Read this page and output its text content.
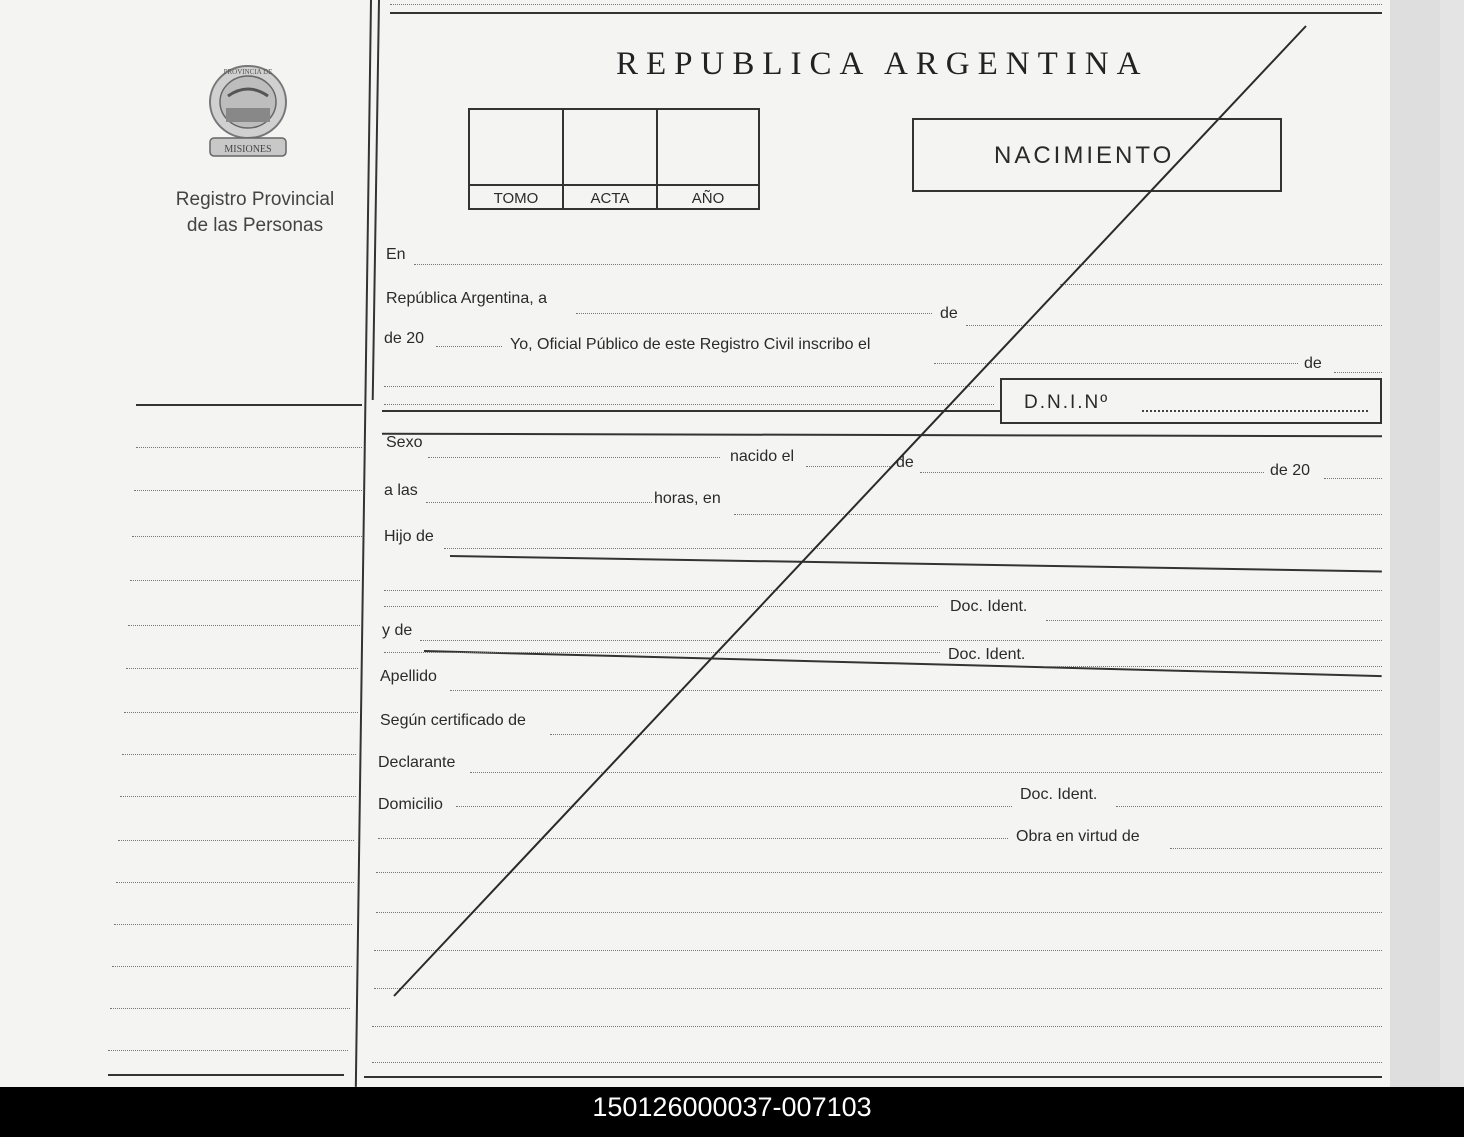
MISIONES
PROVINCIA DE
Registro Provincial
de las Personas
REPUBLICA ARGENTINA
TOMO	ACTA	AÑO
NACIMIENTO
En
República Argentina, a
de
de 20	Yo, Oficial Público de este Registro Civil inscribo el
de
D.N.I.Nº
Sexo
nacido el	de	de 20
a las	horas, en
Hijo de
Doc. Ident.
y de
Doc. Ident.
Apellido
Según certificado de
Declarante
Domicilio
Doc. Ident.
Obra en virtud de
150126000037-007103
